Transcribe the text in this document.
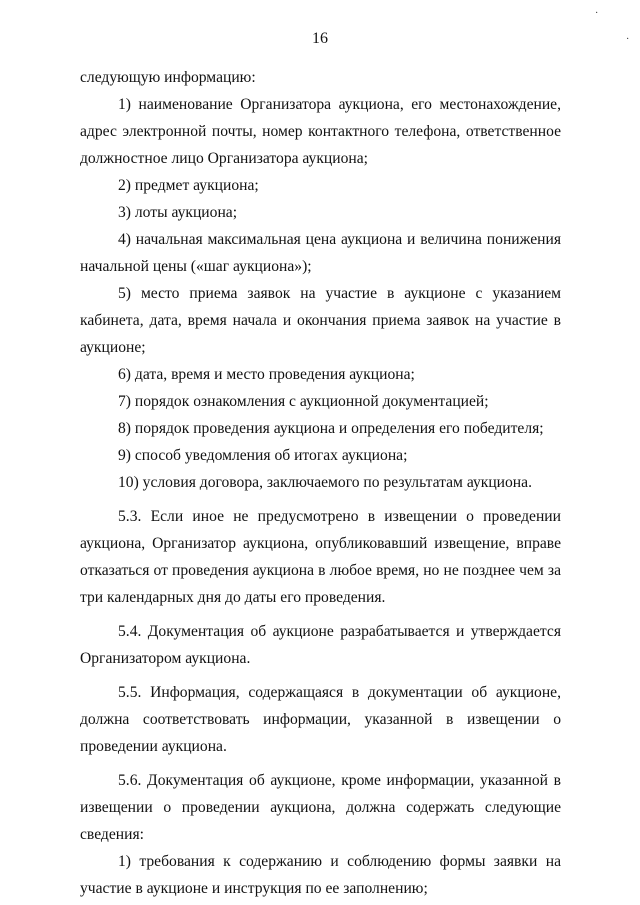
16
·
·

следующую информацию:

1) наименование Организатора аукциона, его местонахождение, адрес электронной почты, номер контактного телефона, ответственное должностное лицо Организатора аукциона;

2) предмет аукциона;

3) лоты аукциона;

4) начальная максимальная цена аукциона и величина понижения начальной цены («шаг аукциона»);

5) место приема заявок на участие в аукционе с указанием кабинета, дата, время начала и окончания приема заявок на участие в аукционе;

6) дата, время и место проведения аукциона;

7) порядок ознакомления с аукционной документацией;

8) порядок проведения аукциона и определения его победителя;

9) способ уведомления об итогах аукциона;

10) условия договора, заключаемого по результатам аукциона.

5.3. Если иное не предусмотрено в извещении о проведении аукциона, Организатор аукциона, опубликовавший извещение, вправе отказаться от проведения аукциона в любое время, но не позднее чем за три календарных дня до даты его проведения.

5.4. Документация об аукционе разрабатывается и утверждается Организатором аукциона.

5.5. Информация, содержащаяся в документации об аукционе, должна соответствовать информации, указанной в извещении о проведении аукциона.

5.6. Документация об аукционе, кроме информации, указанной в извещении о проведении аукциона, должна содержать следующие сведения:

1) требования к содержанию и соблюдению формы заявки на участие в аукционе и инструкция по ее заполнению;
